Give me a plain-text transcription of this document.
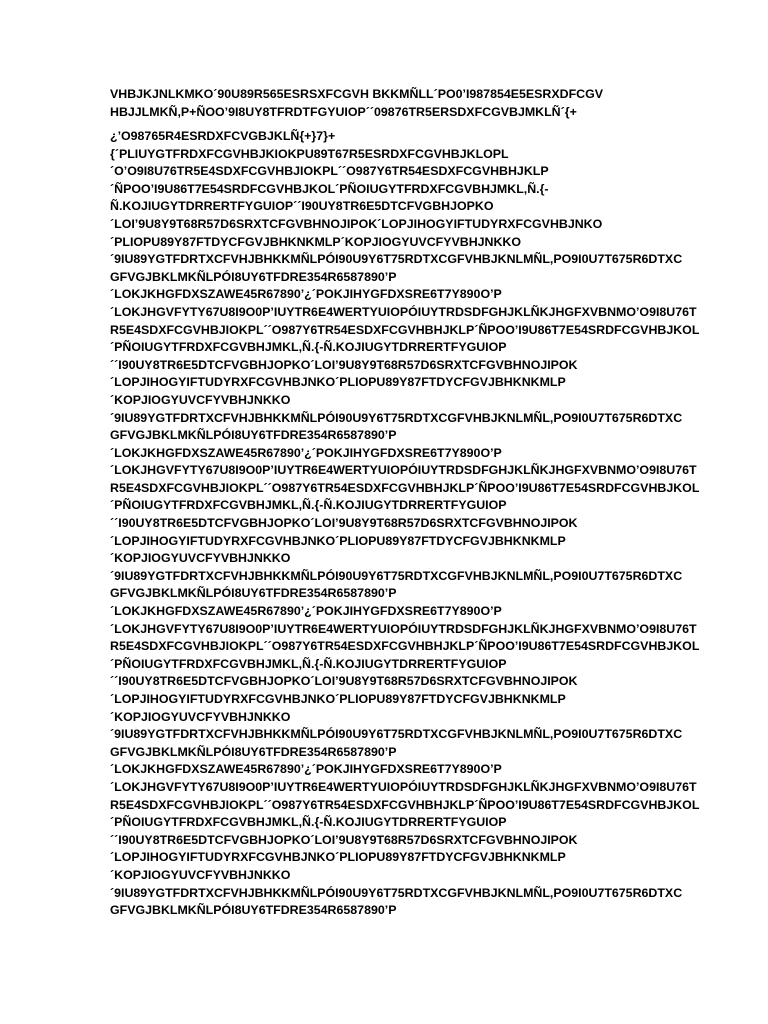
VHBJKJNLKMKO´90U89R565ESRSXFCGVH BKKMÑLL´PO0’I987854E5ESRXDFCGV
HBJJLMKÑ,P+ÑOO’9I8UY8TFRDTFGYUIOP´´09876TR5ERSDXFCGVBJMKLÑ´{+
¿’O98765R4ESRDXFCVGBJKLÑ{+}7}+
{´PLIUYGTFRDXFCGVHBJKIOKPU89T67R5ESRDXFCGVHBJKLOPL
´O’O9I8U76TR5E4SDXFCGVHBJIOKPL´´O987Y6TR54ESDXFCGVHBHJKLP
´ÑPOO’I9U86T7E54SRDFCGVHBJKOL´PÑOIUGYTFRDXFCGVBHJMKL,Ñ.{-
Ñ.KOJIUGYTDRRERTFYGUIOP´´I90UY8TR6E5DTCFVGBHJOPKO
´LOI’9U8Y9T68R57D6SRXTCFGVBHNOJIPOK´LOPJIHOGYIFTUDYRXFCGVHBJNKO
´PLIOPU89Y87FTDYCFGVJBHKNKMLP´KOPJIOGYUVCFYVBHJNKKO
´9IU89YGTFDRTXCFVHJBHKKMÑLPÓI90U9Y6T75RDTXCGFVHBJKNLMÑL,PO9I0U7T675R6DTXC
GFVGJBKLMKÑLPÓI8UY6TFDRE354R6587890’P
´LOKJKHGFDXSZAWE45R67890’¿´POKJIHYGFDXSRE6T7Y890O’P
´LOKJHGVFYTY67U8I9O0P’IUYTR6E4WERTYUIOPÓIUYTRDSDFGHJKLÑKJHGFXVBNMO’O9I8U76T
R5E4SDXFCGVHBJIOKPL´´O987Y6TR54ESDXFCGVHBHJKLP´ÑPOO’I9U86T7E54SRDFCGVHBJKOL
´PÑOIUGYTFRDXFCGVBHJMKL,Ñ.{-Ñ.KOJIUGYTDRRERTFYGUIOP
´´I90UY8TR6E5DTCFVGBHJOPKO´LOI’9U8Y9T68R57D6SRXTCFGVBHNOJIPOK
´LOPJIHOGYIFTUDYRXFCGVHBJNKO´PLIOPU89Y87FTDYCFGVJBHKNKMLP
´KOPJIOGYUVCFYVBHJNKKO
´9IU89YGTFDRTXCFVHJBHKKMÑLPÓI90U9Y6T75RDTXCGFVHBJKNLMÑL,PO9I0U7T675R6DTXC
GFVGJBKLMKÑLPÓI8UY6TFDRE354R6587890’P
´LOKJKHGFDXSZAWE45R67890’¿´POKJIHYGFDXSRE6T7Y890O’P
´LOKJHGVFYTY67U8I9O0P’IUYTR6E4WERTYUIOPÓIUYTRDSDFGHJKLÑKJHGFXVBNMO’O9I8U76T
R5E4SDXFCGVHBJIOKPL´´O987Y6TR54ESDXFCGVHBHJKLP´ÑPOO’I9U86T7E54SRDFCGVHBJKOL
´PÑOIUGYTFRDXFCGVBHJMKL,Ñ.{-Ñ.KOJIUGYTDRRERTFYGUIOP
´´I90UY8TR6E5DTCFVGBHJOPKO´LOI’9U8Y9T68R57D6SRXTCFGVBHNOJIPOK
´LOPJIHOGYIFTUDYRXFCGVHBJNKO´PLIOPU89Y87FTDYCFGVJBHKNKMLP
´KOPJIOGYUVCFYVBHJNKKO
´9IU89YGTFDRTXCFVHJBHKKMÑLPÓI90U9Y6T75RDTXCGFVHBJKNLMÑL,PO9I0U7T675R6DTXC
GFVGJBKLMKÑLPÓI8UY6TFDRE354R6587890’P
´LOKJKHGFDXSZAWE45R67890’¿´POKJIHYGFDXSRE6T7Y890O’P
´LOKJHGVFYTY67U8I9O0P’IUYTR6E4WERTYUIOPÓIUYTRDSDFGHJKLÑKJHGFXVBNMO’O9I8U76T
R5E4SDXFCGVHBJIOKPL´´O987Y6TR54ESDXFCGVHBHJKLP´ÑPOO’I9U86T7E54SRDFCGVHBJKOL
´PÑOIUGYTFRDXFCGVBHJMKL,Ñ.{-Ñ.KOJIUGYTDRRERTFYGUIOP
´´I90UY8TR6E5DTCFVGBHJOPKO´LOI’9U8Y9T68R57D6SRXTCFGVBHNOJIPOK
´LOPJIHOGYIFTUDYRXFCGVHBJNKO´PLIOPU89Y87FTDYCFGVJBHKNKMLP
´KOPJIOGYUVCFYVBHJNKKO
´9IU89YGTFDRTXCFVHJBHKKMÑLPÓI90U9Y6T75RDTXCGFVHBJKNLMÑL,PO9I0U7T675R6DTXC
GFVGJBKLMKÑLPÓI8UY6TFDRE354R6587890’P
´LOKJKHGFDXSZAWE45R67890’¿´POKJIHYGFDXSRE6T7Y890O’P
´LOKJHGVFYTY67U8I9O0P’IUYTR6E4WERTYUIOPÓIUYTRDSDFGHJKLÑKJHGFXVBNMO’O9I8U76T
R5E4SDXFCGVHBJIOKPL´´O987Y6TR54ESDXFCGVHBHJKLP´ÑPOO’I9U86T7E54SRDFCGVHBJKOL
´PÑOIUGYTFRDXFCGVBHJMKL,Ñ.{-Ñ.KOJIUGYTDRRERTFYGUIOP
´´I90UY8TR6E5DTCFVGBHJOPKO´LOI’9U8Y9T68R57D6SRXTCFGVBHNOJIPOK
´LOPJIHOGYIFTUDYRXFCGVHBJNKO´PLIOPU89Y87FTDYCFGVJBHKNKMLP
´KOPJIOGYUVCFYVBHJNKKO
´9IU89YGTFDRTXCFVHJBHKKMÑLPÓI90U9Y6T75RDTXCGFVHBJKNLMÑL,PO9I0U7T675R6DTXC
GFVGJBKLMKÑLPÓI8UY6TFDRE354R6587890’P
